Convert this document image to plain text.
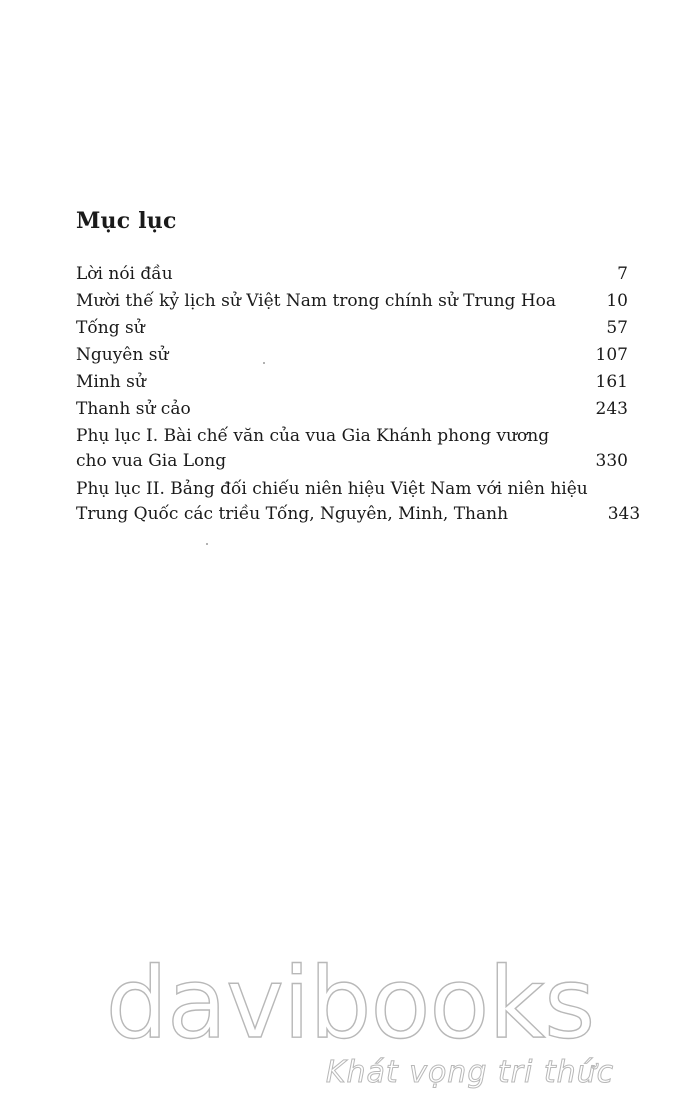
Mục lục
Lời nói đầu	7
Mười thế kỷ lịch sử Việt Nam trong chính sử Trung Hoa	10
Tống sử	57
Nguyên sử	107
Minh sử	161
Thanh sử cảo	243
Phụ lục I. Bài chế văn của vua Gia Khánh phong vương
cho vua Gia Long	330
Phụ lục II. Bảng đối chiếu niên hiệu Việt Nam với niên hiệu
Trung Quốc các triều Tống, Nguyên, Minh, Thanh	343
davibooks
Khát vọng tri thức
